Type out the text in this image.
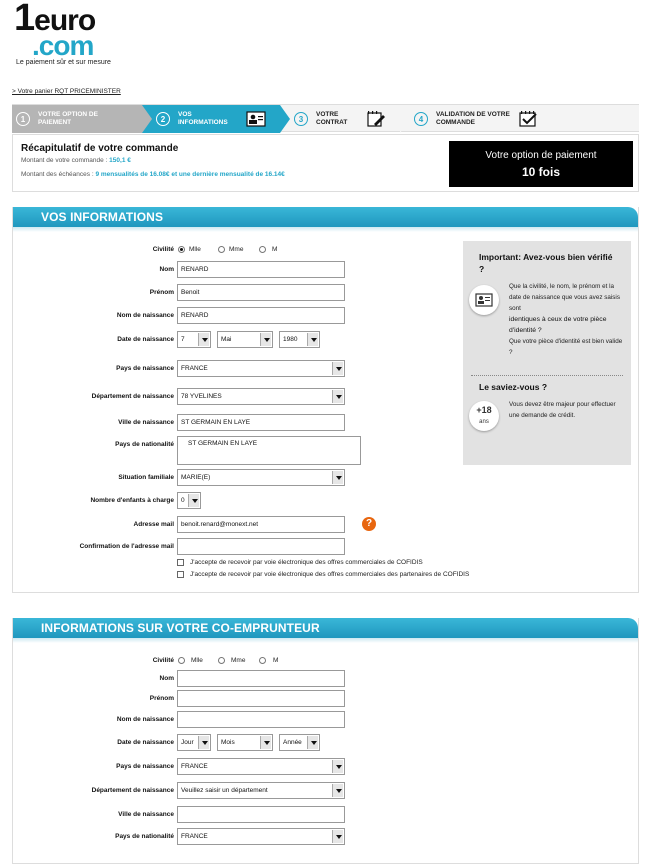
1euro
.com
Le paiement sûr et sur mesure
> Votre panier RQT PRICEMINISTER
1	VOTRE OPTION DE
PAIEMENT	2	VOS
INFORMATIONS	3	VOTRE
CONTRAT	4	VALIDATION DE VOTRE
COMMANDE
Récapitulatif de votre commande
Montant de votre commande : 150,1 €
Montant des échéances : 9 mensualités de 16.08€ et une dernière mensualité de 16.14€
Votre option de paiement
10 fois
VOS INFORMATIONS
Civilité Mlle	Mme	M
Nom	RENARD
Prénom	Benoit
Nom de naissance	RENARD
Date de naissance	7	Mai	1980
Pays de naissance	FRANCE
Département de naissance	78 YVELINES
Ville de naissance	ST GERMAIN EN LAYE
Pays de nationalité	ST GERMAIN EN LAYE
Situation familiale	MARIE(E)
Nombre d'enfants à charge	0
Adresse mail	benoit.renard@monext.net	?
Confirmation de l'adresse mail
J'accepte de recevoir par voie électronique des offres commerciales de COFIDIS
J'accepte de recevoir par voie électronique des offres commerciales des partenaires de COFIDIS
Important: Avez-vous bien vérifié ?
Que la civilité, le nom, le prénom et la date de naissance que vous avez saisis sont
identiques à ceux de votre pièce d'identité ?
Que votre pièce d'identité est bien valide ?
Le saviez-vous ?
+18
ans
Vous devez être majeur pour effectuer une demande de crédit.
INFORMATIONS SUR VOTRE CO-EMPRUNTEUR
Civilité	Mlle	Mme	M
Nom
Prénom
Nom de naissance
Date de naissance	Jour	Mois	Année
Pays de naissance	FRANCE
Département de naissance	Veuillez saisir un département
Ville de naissance
Pays de nationalité	FRANCE
